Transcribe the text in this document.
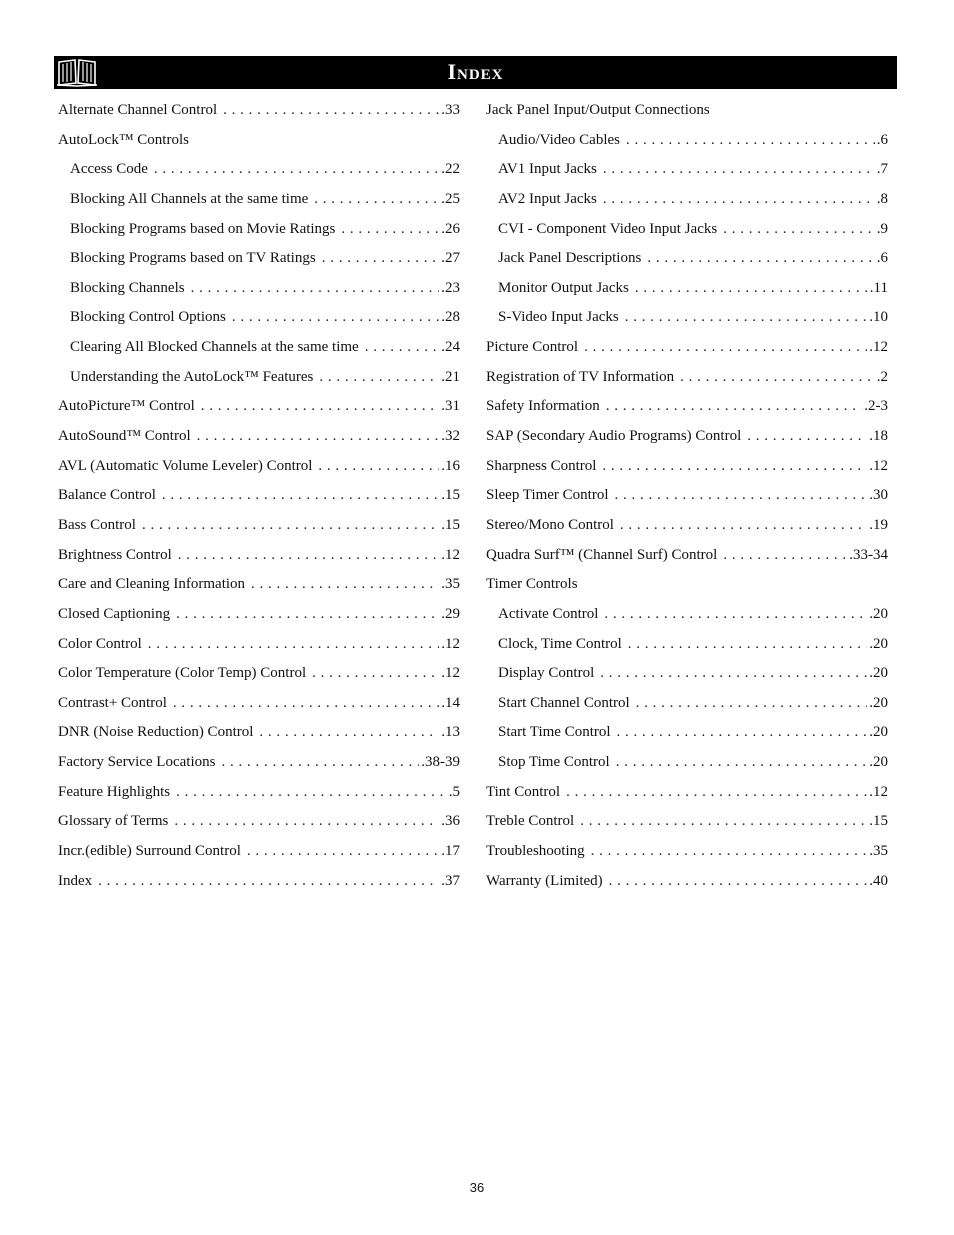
Index
Alternate Channel Control . . .	.33
AutoLock™ Controls
Access Code . . .	.22
Blocking All Channels at the same time . . .	.25
Blocking Programs based on Movie Ratings . . .	.26
Blocking Programs based on TV Ratings . . .	.27
Blocking Channels . . .	.23
Blocking Control Options . . .	.28
Clearing All Blocked Channels at the same time . . .	.24
Understanding the AutoLock™ Features . . .	.21
AutoPicture™ Control . . .	.31
AutoSound™ Control . . .	.32
AVL (Automatic Volume Leveler) Control . . .	.16
Balance Control . . .	.15
Bass Control . . .	.15
Brightness Control . . .	.12
Care and Cleaning Information . . .	.35
Closed Captioning . . .	.29
Color Control . . .	.12
Color Temperature (Color Temp) Control . . .	.12
Contrast+ Control . . .	.14
DNR (Noise Reduction) Control . . .	.13
Factory Service Locations . . .	.38-39
Feature Highlights . . .	.5
Glossary of Terms . . .	.36
Incr.(edible) Surround Control . . .	.17
Index . . .	.37
Jack Panel Input/Output Connections
Audio/Video Cables . . .	.6
AV1 Input Jacks . . .	.7
AV2 Input Jacks . . .	.8
CVI - Component Video Input Jacks . . .	.9
Jack Panel Descriptions . . .	.6
Monitor Output Jacks . . .	.11
S-Video Input Jacks . . .	.10
Picture Control . . .	.12
Registration of TV Information . . .	.2
Safety Information . . .	.2-3
SAP (Secondary Audio Programs) Control . . .	.18
Sharpness Control . . .	.12
Sleep Timer Control . . .	.30
Stereo/Mono Control . . .	.19
Quadra Surf™ (Channel Surf) Control . . .	.33-34
Timer Controls
Activate Control . . .	.20
Clock, Time Control . . .	.20
Display Control . . .	.20
Start Channel Control . . .	.20
Start Time Control . . .	.20
Stop Time Control . . .	.20
Tint Control . . .	.12
Treble Control . . .	.15
Troubleshooting . . .	.35
Warranty (Limited) . . .	.40
36
